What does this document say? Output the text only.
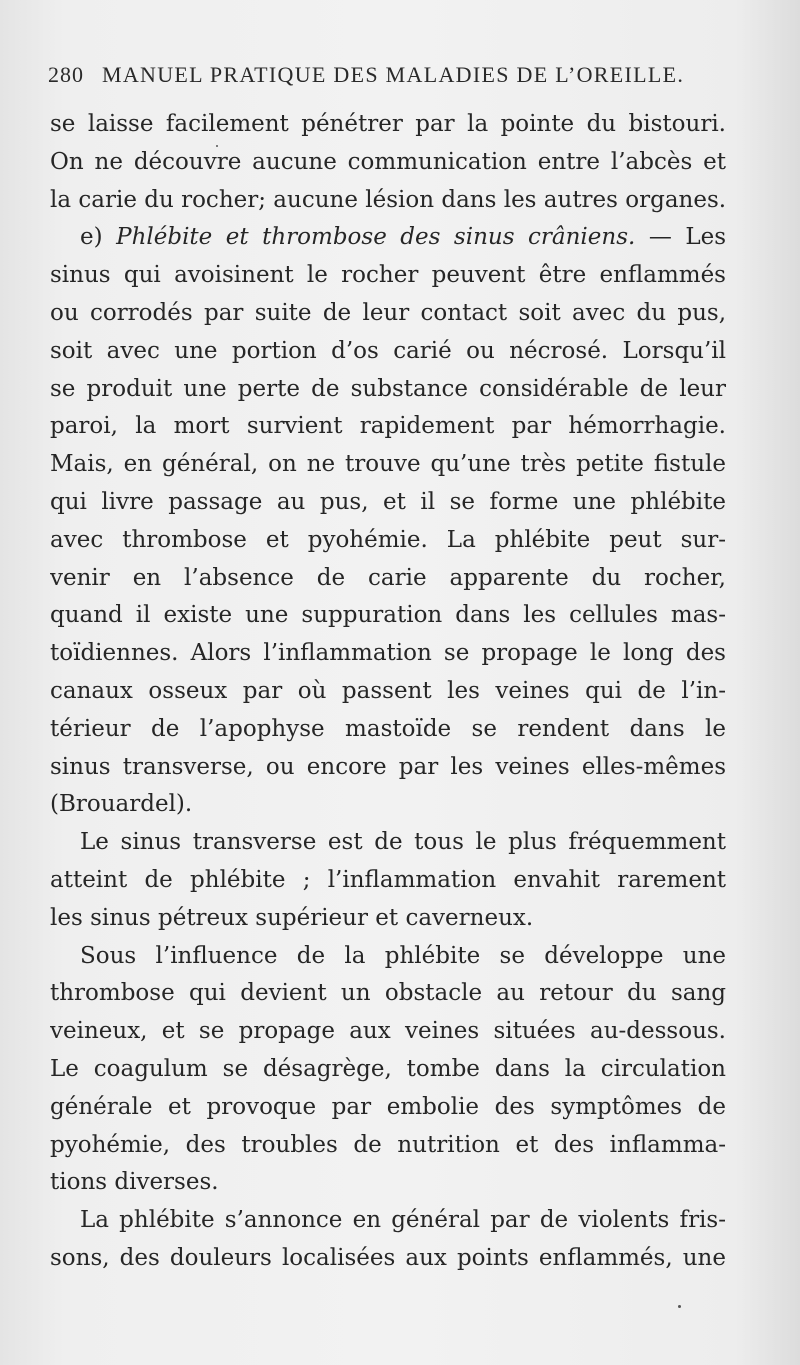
280 MANUEL PRATIQUE DES MALADIES DE L’OREILLE.
se laisse facilement pénétrer par la pointe du bistouri.
On ne découvre aucune communication entre l’abcès et
la carie du rocher; aucune lésion dans les autres organes.
e) Phlébite et thrombose des sinus crâniens. — Les
sinus qui avoisinent le rocher peuvent être enflammés
ou corrodés par suite de leur contact soit avec du pus,
soit avec une portion d’os carié ou nécrosé. Lorsqu’il
se produit une perte de substance considérable de leur
paroi, la mort survient rapidement par hémorrhagie.
Mais, en général, on ne trouve qu’une très petite fistule
qui livre passage au pus, et il se forme une phlébite
avec thrombose et pyohémie. La phlébite peut sur-
venir en l’absence de carie apparente du rocher,
quand il existe une suppuration dans les cellules mas-
toïdiennes. Alors l’inflammation se propage le long des
canaux osseux par où passent les veines qui de l’in-
térieur de l’apophyse mastoïde se rendent dans le
sinus transverse, ou encore par les veines elles-mêmes
(Brouardel).
Le sinus transverse est de tous le plus fréquemment
atteint de phlébite ; l’inflammation envahit rarement
les sinus pétreux supérieur et caverneux.
Sous l’influence de la phlébite se développe une
thrombose qui devient un obstacle au retour du sang
veineux, et se propage aux veines situées au-dessous.
Le coagulum se désagrège, tombe dans la circulation
générale et provoque par embolie des symptômes de
pyohémie, des troubles de nutrition et des inflamma-
tions diverses.
La phlébite s’annonce en général par de violents fris-
sons, des douleurs localisées aux points enflammés, une
